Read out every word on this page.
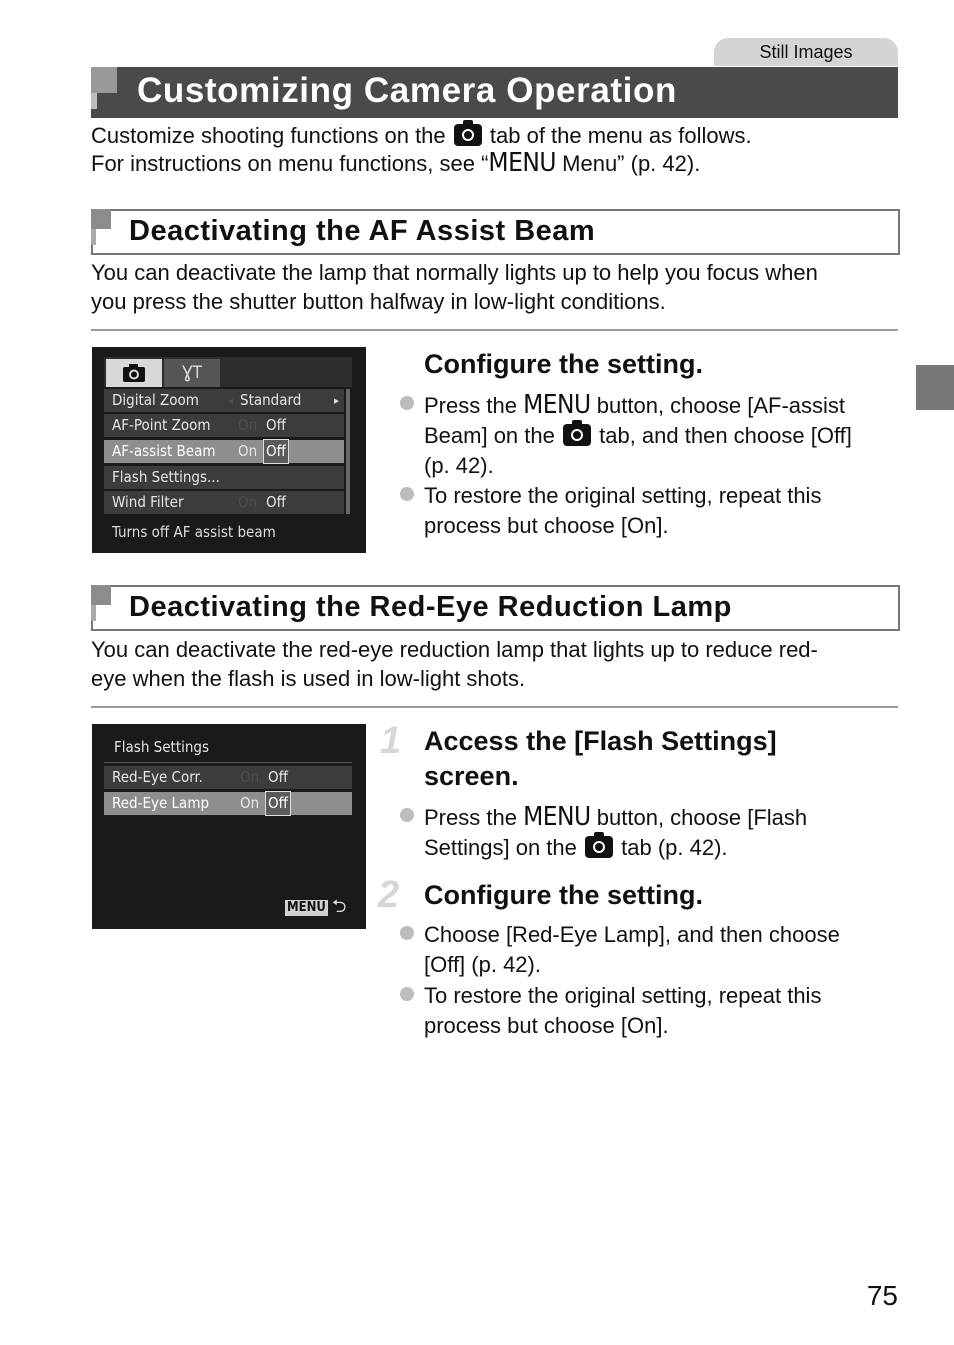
Still Images
Customizing Camera Operation
Customize shooting functions on the tab of the menu as follows.
For instructions on menu functions, see “MENU Menu” (p. 42).
Deactivating the AF Assist Beam
You can deactivate the lamp that normally lights up to help you focus when
you press the shutter button halfway in low-light conditions.
ƔT
Digital Zoom	◂ Standard	▸
AF-Point Zoom On Off
AF-assist Beam On Off
Flash Settings...
Wind Filter	On Off
Turns off AF assist beam
Configure the setting.
Press the MENU button, choose [AF-assist
Beam] on the tab, and then choose [Off]
(p. 42).
To restore the original setting, repeat this
process but choose [On].
Deactivating the Red-Eye Reduction Lamp
You can deactivate the red-eye reduction lamp that lights up to reduce red-
eye when the flash is used in low-light shots.
Flash Settings
Red-Eye Corr. On Off
Red-Eye Lamp On Off
MENU ⮌
1 Access the [Flash Settings]
screen.
Press the MENU button, choose [Flash
Settings] on the tab (p. 42).
2 Configure the setting.
Choose [Red-Eye Lamp], and then choose
[Off] (p. 42).
To restore the original setting, repeat this
process but choose [On].
75
